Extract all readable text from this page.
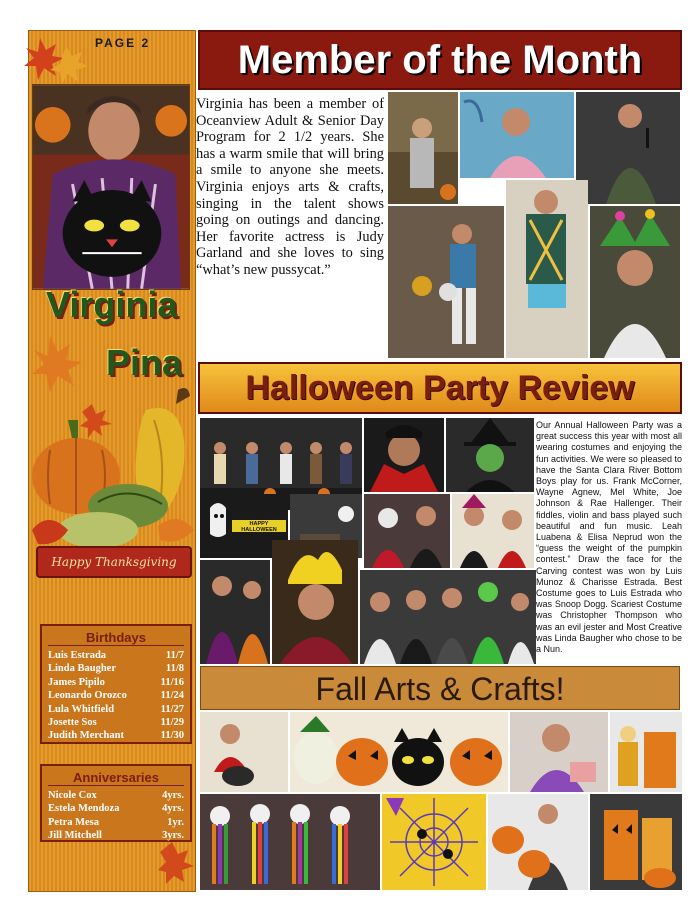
PAGE 2
Virginia
Pina
Happy Thanksgiving
Birthdays
Luis Estrada	11/7
Linda Baugher	11/8
James Pipilo	11/16
Leonardo Orozco	11/24
Lula Whitfield	11/27
Josette Sos	11/29
Judith Merchant	11/30
Anniversaries
Nicole Cox	4yrs.
Estela Mendoza	4yrs.
Petra Mesa	1yr.
Jill Mitchell	3yrs.
Member of the Month
Virginia has been a member of Oceanview Adult & Senior Day Program for 2 1/2 years. She has a warm smile that will bring a smile to anyone she meets. Virginia enjoys arts & crafts, singing in the talent shows going on outings and dancing. Her favorite actress is Judy Garland and she loves to sing “what’s new pussycat.”
Halloween Party Review
HAPPY HALLOWEEN
Our Annual Halloween Party was a great success this year with most all wearing costumes and enjoying the fun activities. We were so pleased to have the Santa Clara River Bottom Boys play for us. Frank McCorner, Wayne Agnew, Mel White, Joe Johnson & Rae Hallenger. Their fiddles, violin and bass played such beautiful and fun music. Leah Luabena & Elisa Neprud won the “guess the weight of the pumpkin contest.” Draw the face for the Carving contest was won by Luis Munoz & Charisse Estrada. Best Costume goes to Luis Estrada who was Snoop Dogg. Scariest Costume was Christopher Thompson who was an evil jester and Most Creative was Linda Baugher who chose to be a Nun.
Fall Arts & Crafts!
